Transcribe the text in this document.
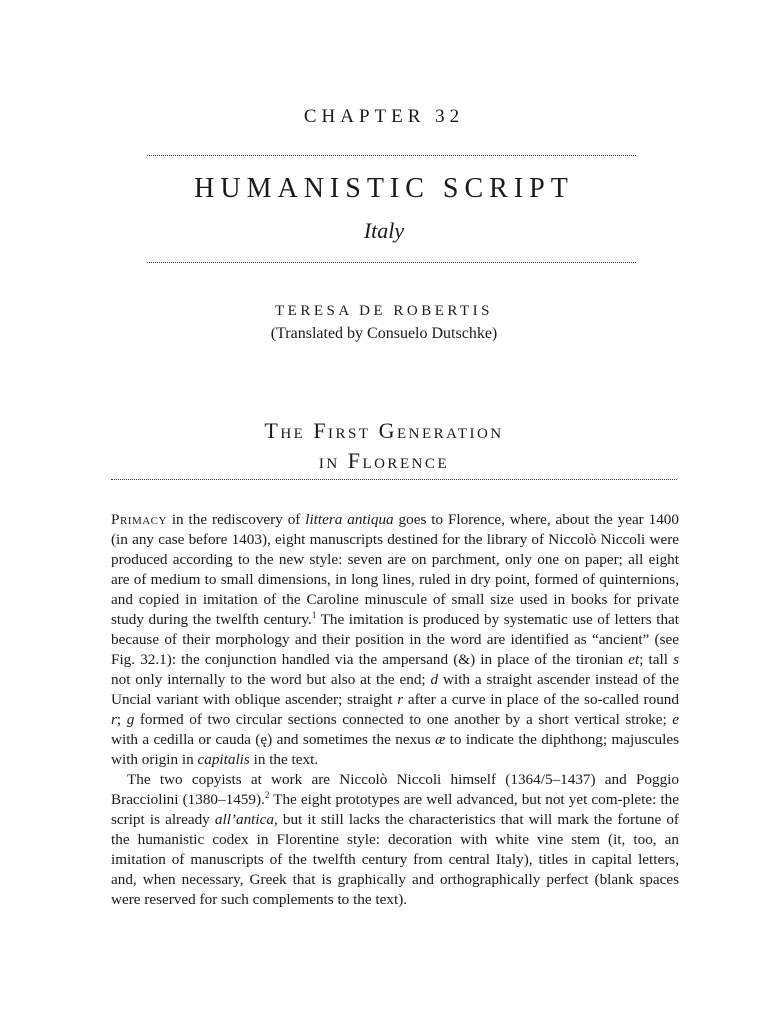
CHAPTER 32
HUMANISTIC SCRIPT
Italy
TERESA DE ROBERTIS
(Translated by Consuelo Dutschke)
The First Generation
in Florence

Primacy in the rediscovery of littera antiqua goes to Florence, where, about the year 1400 (in any case before 1403), eight manuscripts destined for the library of Niccolò Niccoli were produced according to the new style: seven are on parchment, only one on paper; all eight are of medium to small dimensions, in long lines, ruled in dry point, formed of quinternions, and copied in imitation of the Caroline minuscule of small size used in books for private study during the twelfth century.$^1$ The imitation is produced by systematic use of letters that because of their morphology and their position in the word are identified as “ancient” (see Fig. 32.1): the conjunction handled via the ampersand (&) in place of the tironian et; tall s not only internally to the word but also at the end; d with a straight ascender instead of the Uncial variant with oblique ascender; straight r after a curve in place of the so-called round r; g formed of two circular sections connected to one another by a short vertical stroke; e with a cedilla or cauda (ę) and sometimes the nexus æ to indicate the diphthong; majuscules with origin in capitalis in the text.

The two copyists at work are Niccolò Niccoli himself (1364/5–1437) and Poggio Bracciolini (1380–1459).$^2$ The eight prototypes are well advanced, but not yet com-plete: the script is already all’antica, but it still lacks the characteristics that will mark the fortune of the humanistic codex in Florentine style: decoration with white vine stem (it, too, an imitation of manuscripts of the twelfth century from central Italy), titles in capital letters, and, when necessary, Greek that is graphically and orthographically perfect (blank spaces were reserved for such complements to the text).
